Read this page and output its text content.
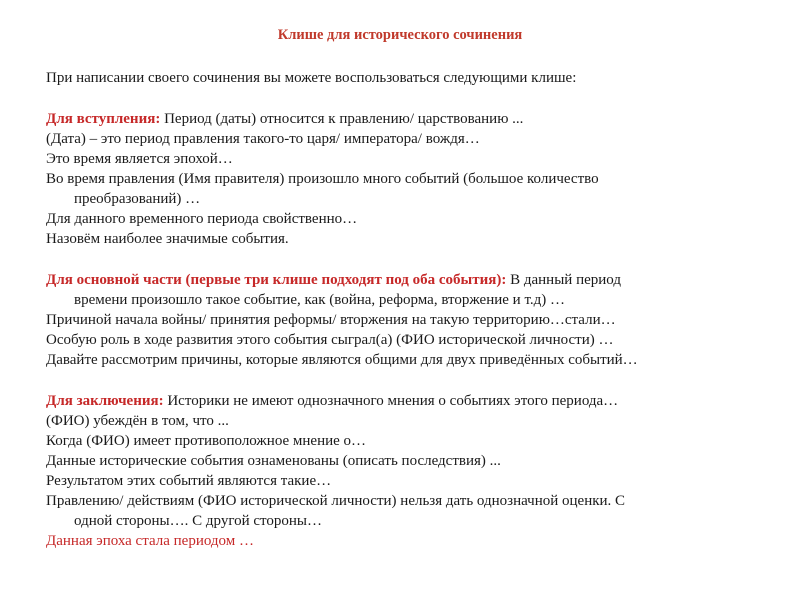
Клише для исторического сочинения
При написании своего сочинения вы можете воспользоваться следующими клише:
Для вступления: Период (даты) относится к правлению/ царствованию ...
(Дата) – это период правления такого-то царя/ императора/ вождя…
Это время является эпохой…
Во время правления (Имя правителя) произошло много событий (большое количество
преобразований) …
Для данного временного периода свойственно…
Назовём наиболее значимые события.
Для основной части (первые три клише подходят под оба события): В данный период
времени произошло такое событие, как (война, реформа, вторжение и т.д) …
Причиной начала войны/ принятия реформы/ вторжения на такую территорию…стали…
Особую роль в ходе развития этого события сыграл(а) (ФИО исторической личности) …
Давайте рассмотрим причины, которые являются общими для двух приведённых событий…
Для заключения: Историки не имеют однозначного мнения о событиях этого периода…
(ФИО) убеждён в том, что ...
Когда (ФИО) имеет противоположное мнение о…
Данные исторические события ознаменованы (описать последствия) ...
Результатом этих событий являются такие…
Правлению/ действиям (ФИО исторической личности) нельзя дать однозначной оценки. С
одной стороны…. С другой стороны…
Данная эпоха стала периодом …
